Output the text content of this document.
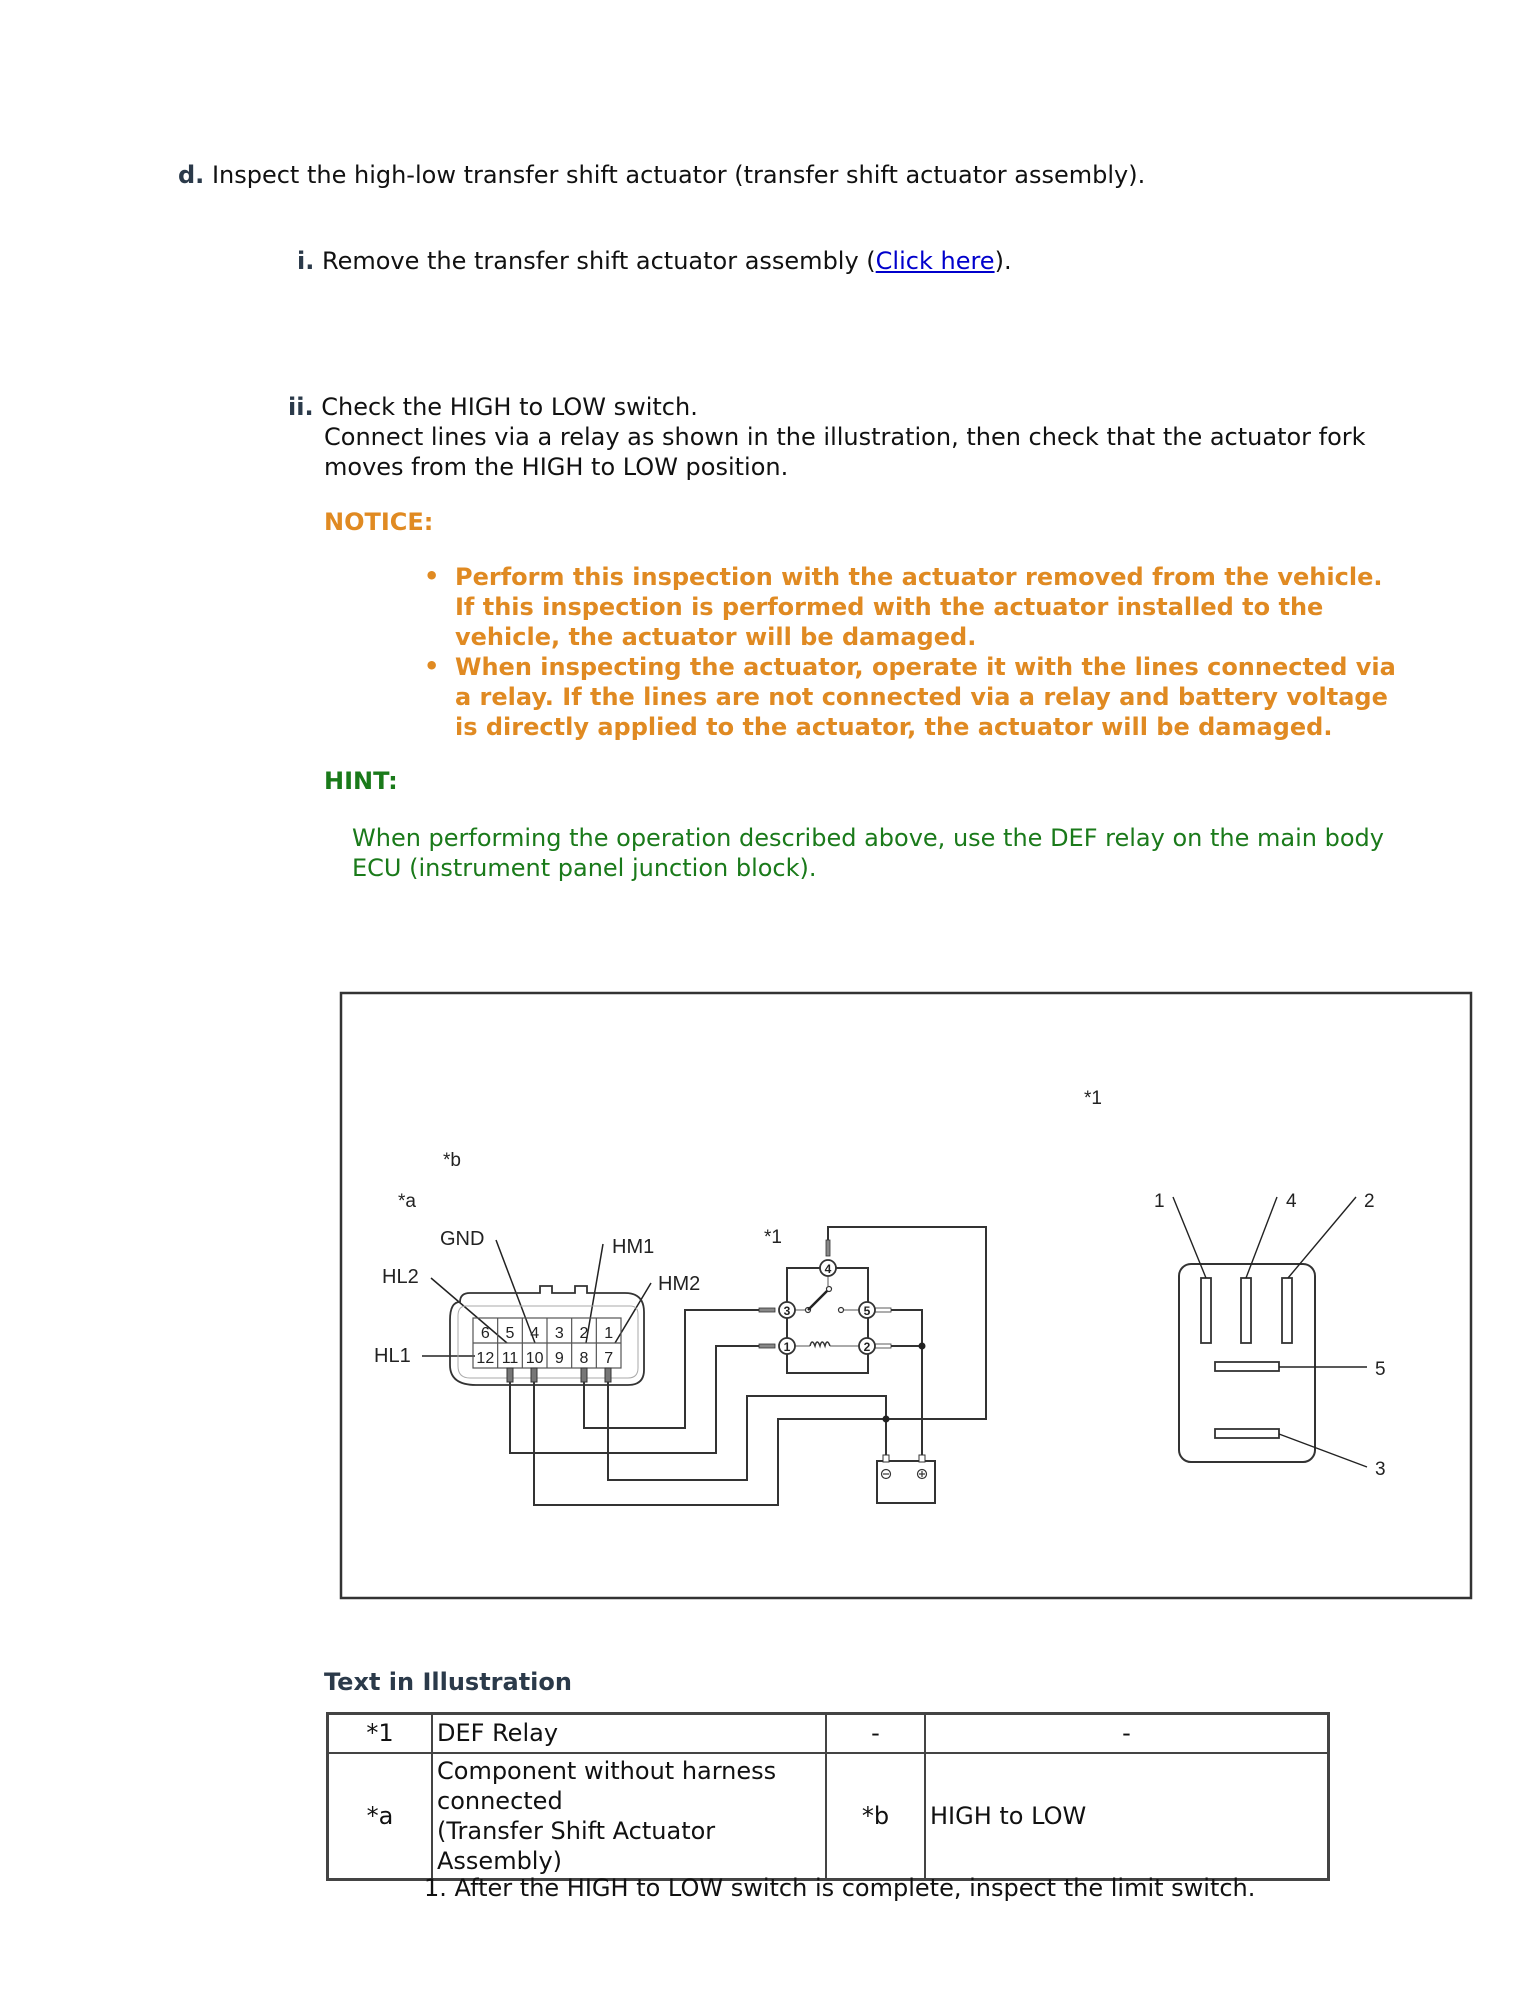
d. Inspect the high-low transfer shift actuator (transfer shift actuator assembly).
i. Remove the transfer shift actuator assembly (Click here).
ii. Check the HIGH to LOW switch.
Connect lines via a relay as shown in the illustration, then check that the actuator fork
moves from the HIGH to LOW position.
NOTICE:
• Perform this inspection with the actuator removed from the vehicle.
If this inspection is performed with the actuator installed to the
vehicle, the actuator will be damaged.
• When inspecting the actuator, operate it with the lines connected via
a relay. If the lines are not connected via a relay and battery voltage
is directly applied to the actuator, the actuator will be damaged.
HINT:
When performing the operation described above, use the DEF relay on the main body
ECU (instrument panel junction block).
*b
*a
GND
HL2
HL1
HM1
HM2
*1
*1
6 5 4 3 2 1
12 11 10 9 8 7
4
3	5
1	2
1	4	2
5
3
Text in Illustration
*1	DEF Relay	-	-
*a	Component without harness
connected
(Transfer Shift Actuator
Assembly)	*b	HIGH to LOW
1. After the HIGH to LOW switch is complete, inspect the limit switch.
